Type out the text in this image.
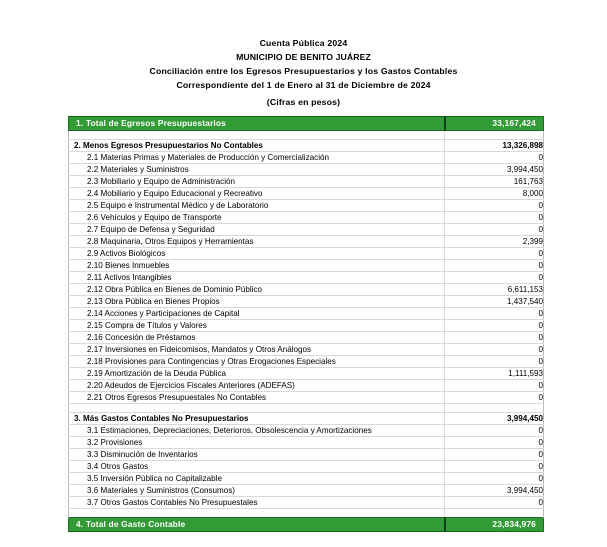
Cuenta Pública 2024
MUNICIPIO DE BENITO JUÁREZ
Conciliación entre los Egresos Presupuestarios y los Gastos Contables
Correspondiente del 1 de Enero al 31 de Diciembre de 2024
(Cifras en pesos)
1. Total de Egresos Presupuestarios	33,167,424

2. Menos Egresos Presupuestarios No Contables	13,326,898
2.1 Materias Primas y Materiales de Producción y Comercialización	0
2.2 Materiales y Suministros	3,994,450
2.3 Mobiliario y Equipo de Administración	161,763
2.4 Mobiliario y Equipo Educacional y Recreativo	8,000
2.5 Equipo e Instrumental Médico y de Laboratorio	0
2.6 Vehículos y Equipo de Transporte	0
2.7 Equipo de Defensa y Seguridad	0
2.8 Maquinaria, Otros Equipos y Herramientas	2,399
2.9 Activos Biológicos	0
2.10 Bienes Inmuebles	0
2.11 Activos Intangibles	0
2.12 Obra Pública en Bienes de Dominio Público	6,611,153
2.13 Obra Pública en Bienes Propios	1,437,540
2.14 Acciones y Participaciones de Capital	0
2.15 Compra de Títulos y Valores	0
2.16 Concesión de Préstamos	0
2.17 Inversiones en Fideicomisos, Mandatos y Otros Análogos	0
2.18 Provisiones para Contingencias y Otras Erogaciones Especiales	0
2.19 Amortización de la Deuda Pública	1,111,593
2.20 Adeudos de Ejercicios Fiscales Anteriores (ADEFAS)	0
2.21 Otros Egresos Presupuestales No Contables	0

3. Más Gastos Contables No Presupuestarios	3,994,450
3.1 Estimaciones, Depreciaciones, Deterioros, Obsolescencia y Amortizaciones	0
3.2 Provisiones	0
3.3 Disminución de Inventarios	0
3.4 Otros Gastos	0
3.5 Inversión Pública no Capitalizable	0
3.6 Materiales y Suministros (Consumos)	3,994,450
3.7 Otros Gastos Contables No Presupuestales	0

4. Total de Gasto Contable	23,834,976
